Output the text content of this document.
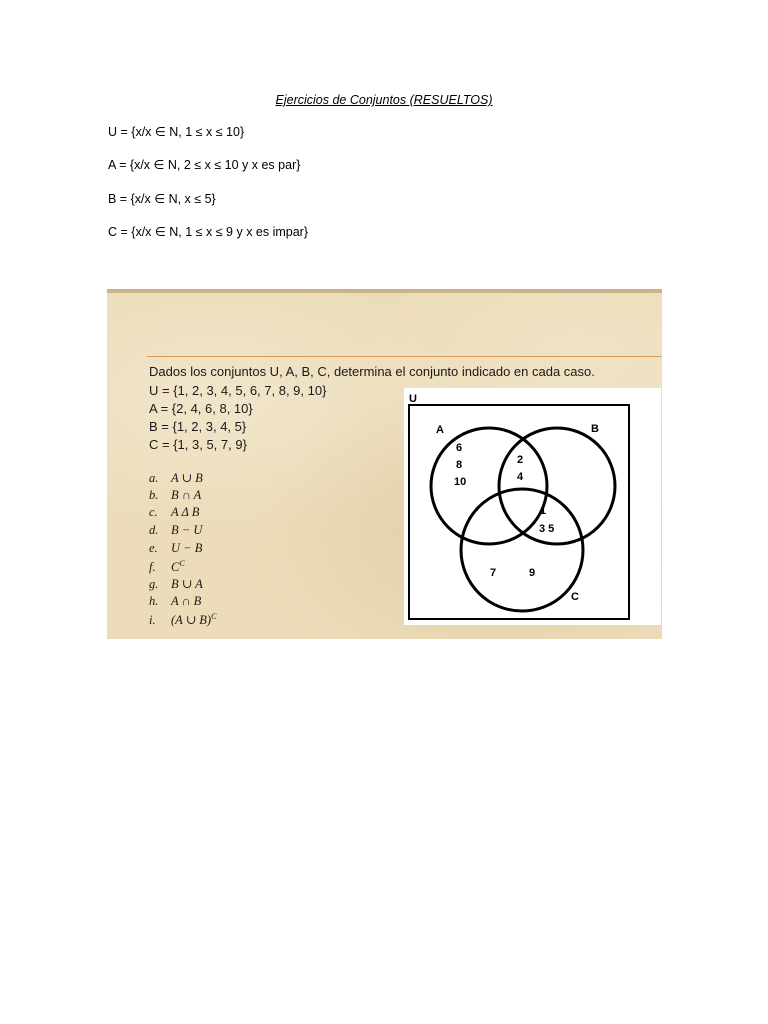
Ejercicios de Conjuntos (RESUELTOS)
U = {x/x ∈ N, 1 ≤ x ≤ 10}
A = {x/x ∈ N, 2 ≤ x ≤ 10 y x es par}
B = {x/x ∈ N, x ≤ 5}
C = {x/x ∈ N, 1 ≤ x ≤ 9 y x es impar}
Dados los conjuntos U, A, B, C, determina el conjunto indicado en cada caso.
U = {1, 2, 3, 4, 5, 6, 7, 8, 9, 10}
A = {2, 4, 6, 8, 10}
B = {1, 2, 3, 4, 5}
C = {1, 3, 5, 7, 9}
a. A ∪ B
b. B ∩ A
c. A Δ B
d. B − U
e. U − B
f. $C^C$
g. B ∪ A
h. A ∩ B
i. (A ∪ B)$^C$
U
A	B
C
6
8
10
2
4
1
3 5
7	9
